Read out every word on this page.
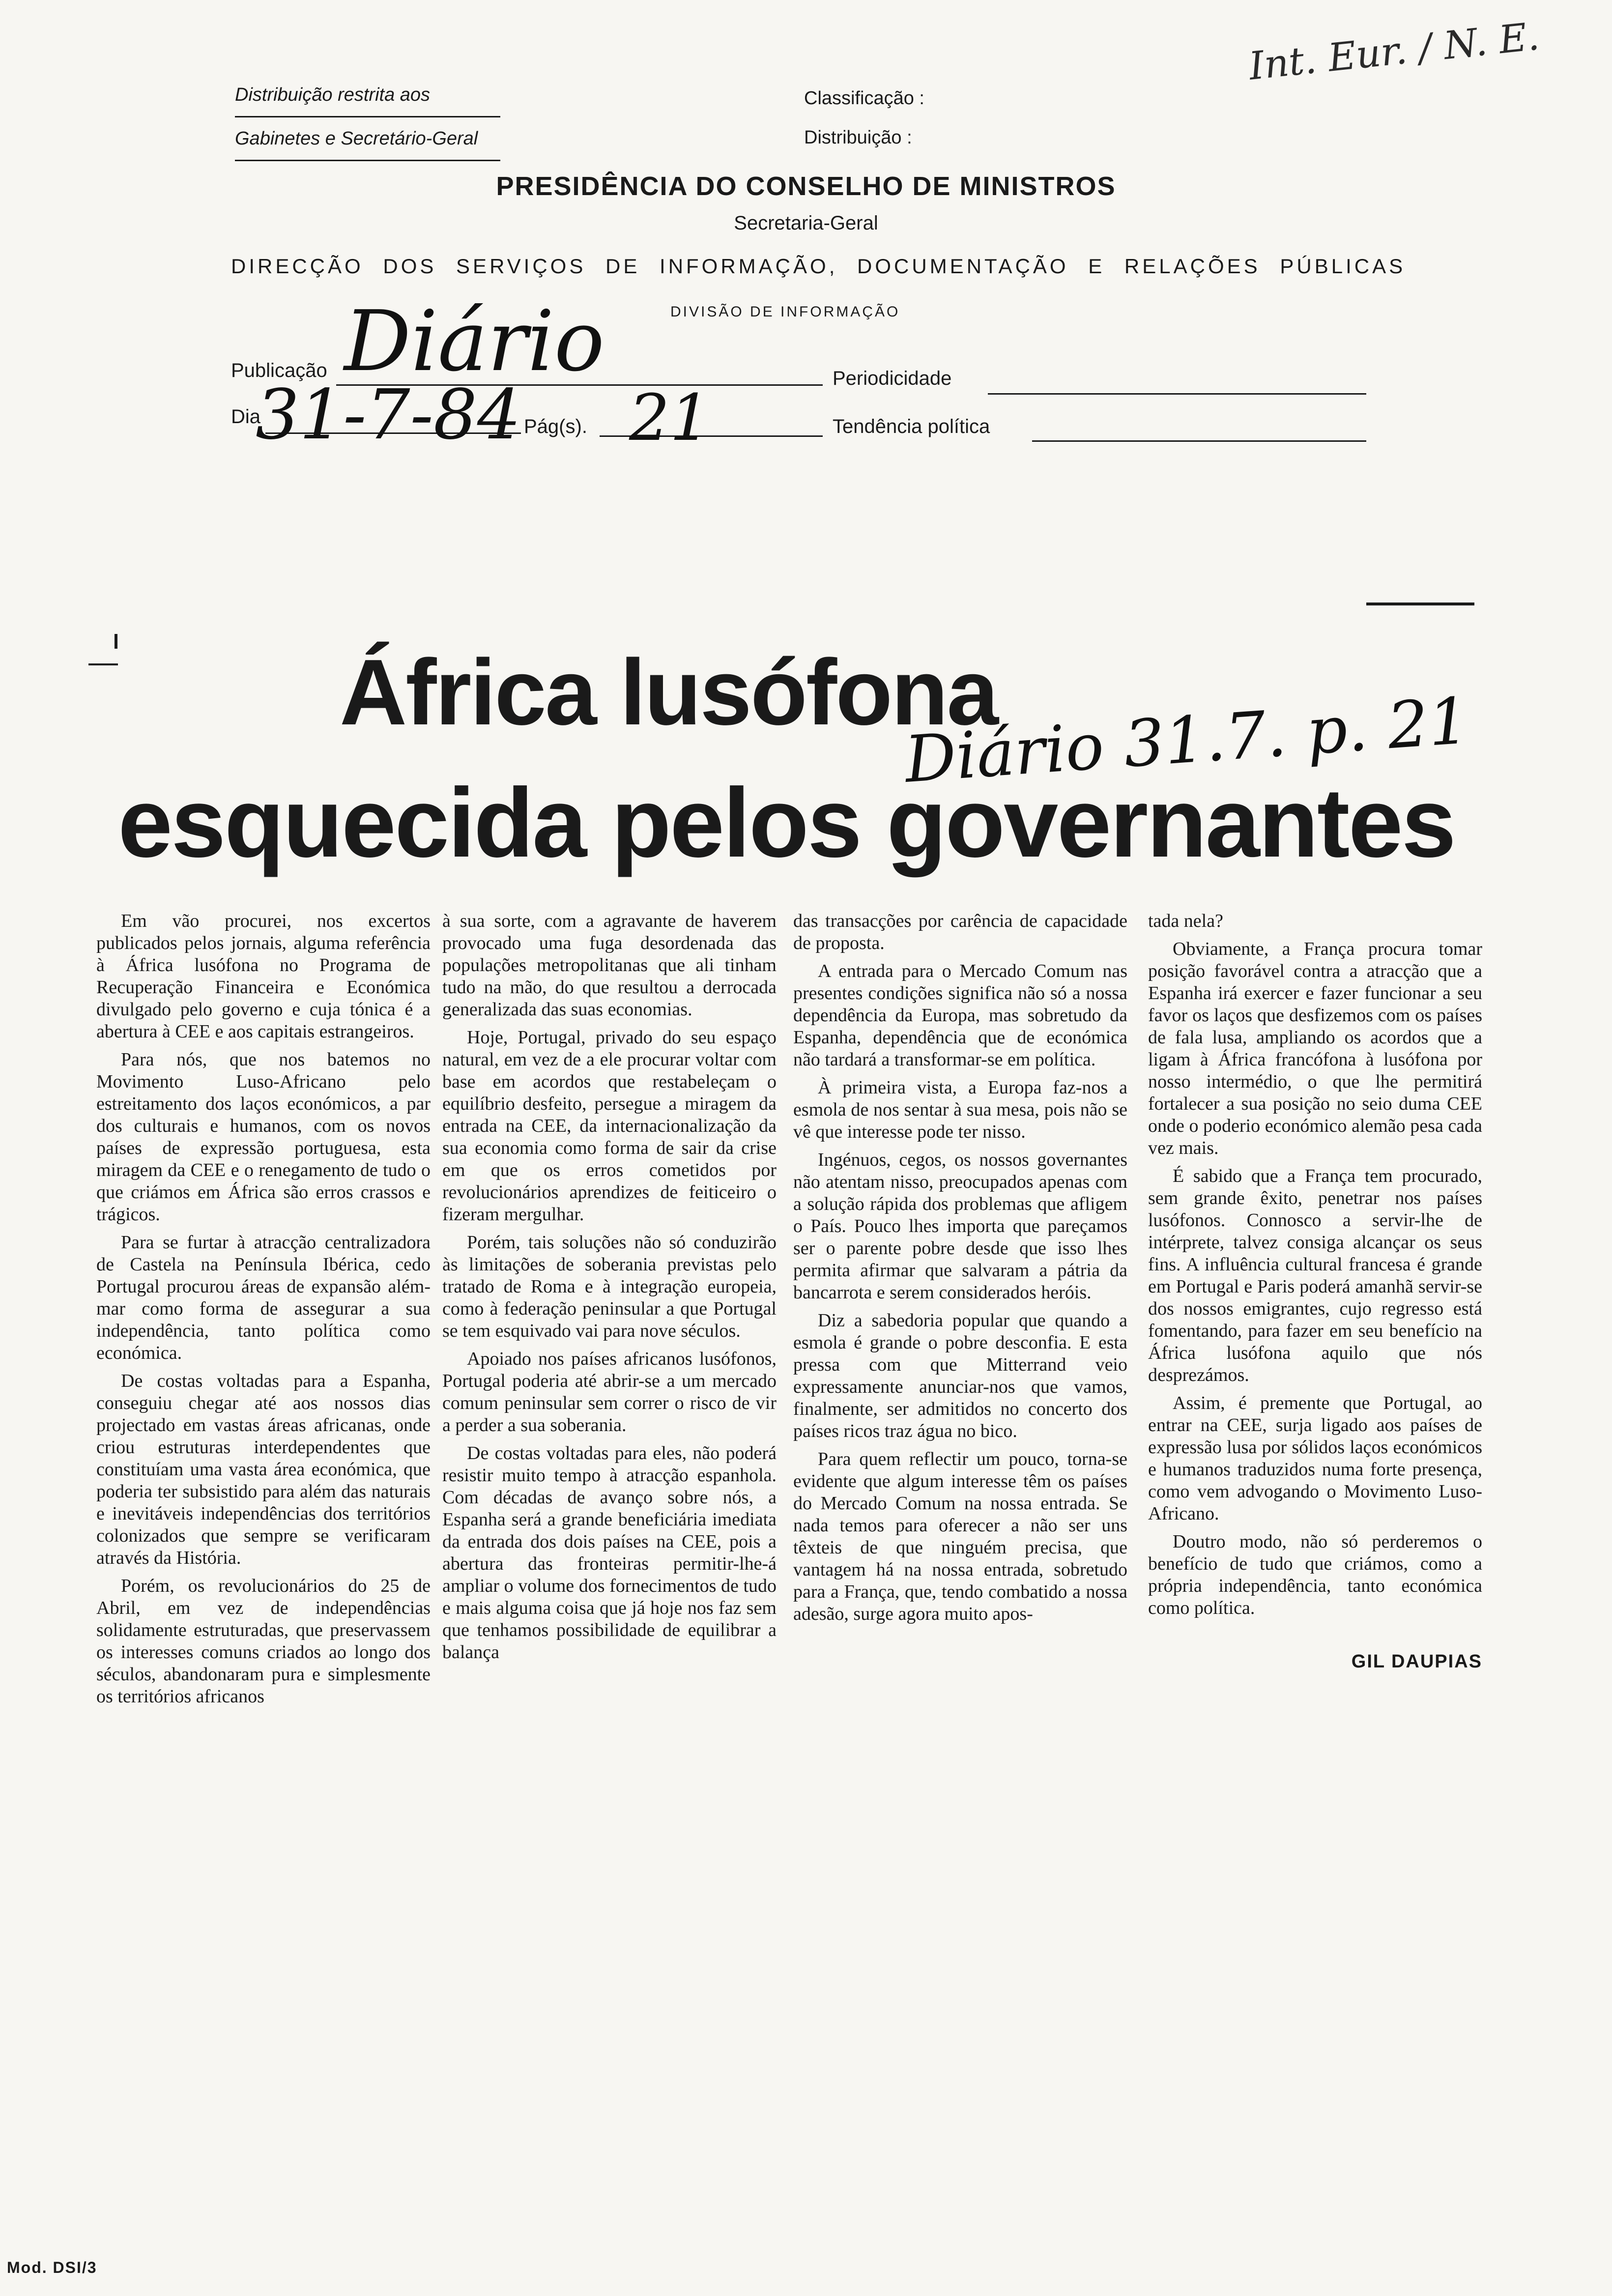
Distribuição restrita aos
Gabinetes e Secretário-Geral
Classificação :
Distribuição :
Int. Eur. / N. E.
PRESIDÊNCIA DO CONSELHO DE MINISTROS
Secretaria-Geral
DIRECÇÃO DOS SERVIÇOS DE INFORMAÇÃO, DOCUMENTAÇÃO E RELAÇÕES PÚBLICAS
DIVISÃO DE INFORMAÇÃO
Publicação Diário	Periodicidade
Dia
31-7-84 Pág(s). 21	Tendência política
África lusófona
Diário 31.7. p. 21
esquecida pelos governantes

Em vão procurei, nos excertos publicados pelos jornais, alguma referência à África lusófona no Programa de Recuperação Financeira e Económica divulgado pelo governo e cuja tónica é a abertura à CEE e aos capitais estrangeiros.

Para nós, que nos batemos no Movimento Luso-Africano pelo estreitamento dos laços económicos, a par dos culturais e humanos, com os novos países de expressão portuguesa, esta miragem da CEE e o renegamento de tudo o que criámos em África são erros crassos e trágicos.

Para se furtar à atracção centralizadora de Castela na Península Ibérica, cedo Portugal procurou áreas de expansão além-mar como forma de assegurar a sua independência, tanto política como económica.

De costas voltadas para a Espanha, conseguiu chegar até aos nossos dias projectado em vastas áreas africanas, onde criou estruturas interdependentes que constituíam uma vasta área económica, que poderia ter subsistido para além das naturais e inevitáveis independências dos territórios colonizados que sempre se verificaram através da História.

Porém, os revolucionários do 25 de Abril, em vez de independências solidamente estruturadas, que preservassem os interesses comuns criados ao longo dos séculos, abandonaram pura e simplesmente os territórios africanos

à sua sorte, com a agravante de haverem provocado uma fuga desordenada das populações metropolitanas que ali tinham tudo na mão, do que resultou a derrocada generalizada das suas economias.

Hoje, Portugal, privado do seu espaço natural, em vez de a ele procurar voltar com base em acordos que restabeleçam o equilíbrio desfeito, persegue a miragem da entrada na CEE, da internacionalização da sua economia como forma de sair da crise em que os erros cometidos por revolucionários aprendizes de feiticeiro o fizeram mergulhar.

Porém, tais soluções não só conduzirão às limitações de soberania previstas pelo tratado de Roma e à integração europeia, como à federação peninsular a que Portugal se tem esquivado vai para nove séculos.

Apoiado nos países africanos lusófonos, Portugal poderia até abrir-se a um mercado comum peninsular sem correr o risco de vir a perder a sua soberania.

De costas voltadas para eles, não poderá resistir muito tempo à atracção espanhola. Com décadas de avanço sobre nós, a Espanha será a grande beneficiária imediata da entrada dos dois países na CEE, pois a abertura das fronteiras permitir-lhe-á ampliar o volume dos fornecimentos de tudo e mais alguma coisa que já hoje nos faz sem que tenhamos possibilidade de equilibrar a balança

das transacções por carência de capacidade de proposta.

A entrada para o Mercado Comum nas presentes condições significa não só a nossa dependência da Europa, mas sobretudo da Espanha, dependência que de económica não tardará a transformar-se em política.

À primeira vista, a Europa faz-nos a esmola de nos sentar à sua mesa, pois não se vê que interesse pode ter nisso.

Ingénuos, cegos, os nossos governantes não atentam nisso, preocupados apenas com a solução rápida dos problemas que afligem o País. Pouco lhes importa que pareçamos ser o parente pobre desde que isso lhes permita afirmar que salvaram a pátria da bancarrota e serem considerados heróis.

Diz a sabedoria popular que quando a esmola é grande o pobre desconfia. E esta pressa com que Mitterrand veio expressamente anunciar-nos que vamos, finalmente, ser admitidos no concerto dos países ricos traz água no bico.

Para quem reflectir um pouco, torna-se evidente que algum interesse têm os países do Mercado Comum na nossa entrada. Se nada temos para oferecer a não ser uns têxteis de que ninguém precisa, que vantagem há na nossa entrada, sobretudo para a França, que, tendo combatido a nossa adesão, surge agora muito apos-

tada nela?

Obviamente, a França procura tomar posição favorável contra a atracção que a Espanha irá exercer e fazer funcionar a seu favor os laços que desfizemos com os países de fala lusa, ampliando os acordos que a ligam à África francófona à lusófona por nosso intermédio, o que lhe permitirá fortalecer a sua posição no seio duma CEE onde o poderio económico alemão pesa cada vez mais.

É sabido que a França tem procurado, sem grande êxito, penetrar nos países lusófonos. Connosco a servir-lhe de intérprete, talvez consiga alcançar os seus fins. A influência cultural francesa é grande em Portugal e Paris poderá amanhã servir-se dos nossos emigrantes, cujo regresso está fomentando, para fazer em seu benefício na África lusófona aquilo que nós desprezámos.

Assim, é premente que Portugal, ao entrar na CEE, surja ligado aos países de expressão lusa por sólidos laços económicos e humanos traduzidos numa forte presença, como vem advogando o Movimento Luso-Africano.

Doutro modo, não só perderemos o benefício de tudo que criámos, como a própria independência, tanto económica como política.

GIL DAUPIAS
Mod. DSI/3
